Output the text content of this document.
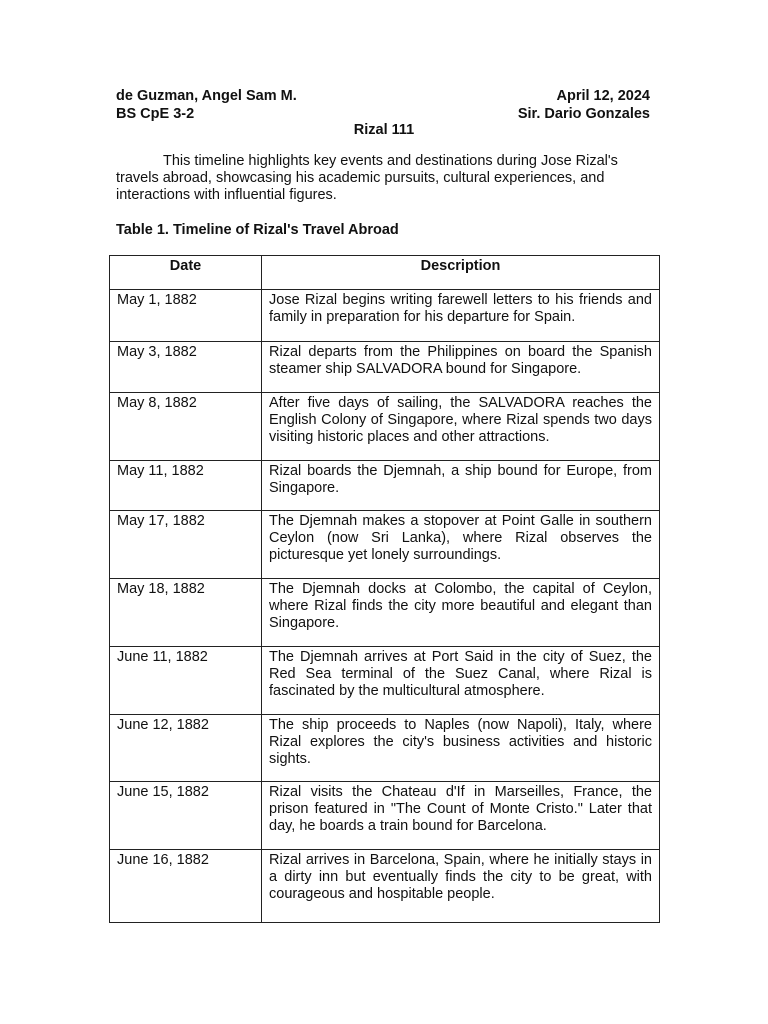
de Guzman, Angel Sam M.	April 12, 2024
BS CpE 3-2	Sir. Dario Gonzales
Rizal 111

This timeline highlights key events and destinations during Jose Rizal's travels abroad, showcasing his academic pursuits, cultural experiences, and interactions with influential figures.

Table 1. Timeline of Rizal's Travel Abroad
Date	Description
May 1, 1882	Jose Rizal begins writing farewell letters to his friends and family in preparation for his departure for Spain.
May 3, 1882	Rizal departs from the Philippines on board the Spanish steamer ship SALVADORA bound for Singapore.
May 8, 1882	After five days of sailing, the SALVADORA reaches the English Colony of Singapore, where Rizal spends two days visiting historic places and other attractions.
May 11, 1882	Rizal boards the Djemnah, a ship bound for Europe, from Singapore.
May 17, 1882	The Djemnah makes a stopover at Point Galle in southern Ceylon (now Sri Lanka), where Rizal observes the picturesque yet lonely surroundings.
May 18, 1882	The Djemnah docks at Colombo, the capital of Ceylon, where Rizal finds the city more beautiful and elegant than Singapore.
June 11, 1882	The Djemnah arrives at Port Said in the city of Suez, the Red Sea terminal of the Suez Canal, where Rizal is fascinated by the multicultural atmosphere.
June 12, 1882	The ship proceeds to Naples (now Napoli), Italy, where Rizal explores the city's business activities and historic sights.
June 15, 1882	Rizal visits the Chateau d'If in Marseilles, France, the prison featured in "The Count of Monte Cristo." Later that day, he boards a train bound for Barcelona.
June 16, 1882	Rizal arrives in Barcelona, Spain, where he initially stays in a dirty inn but eventually finds the city to be great, with courageous and hospitable people.
